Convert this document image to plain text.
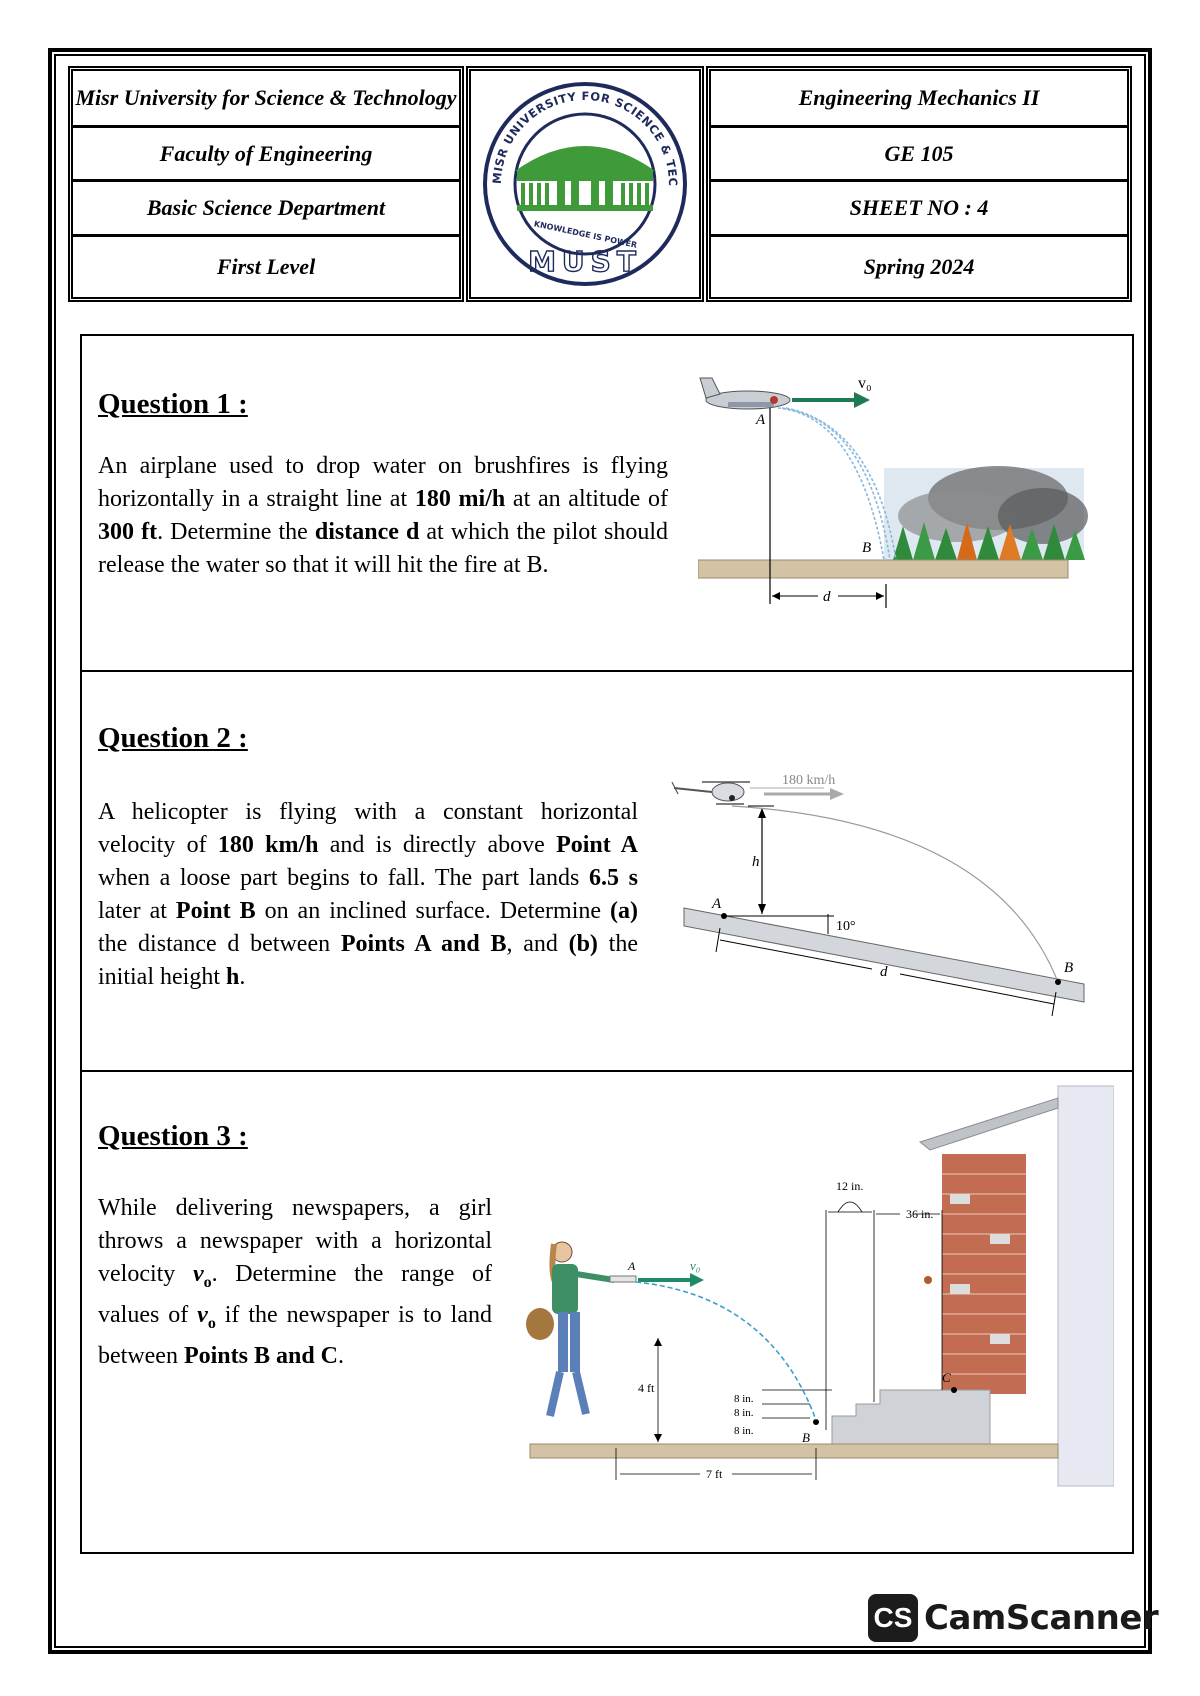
Misr University for Science & Technology
Faculty of Engineering
Basic Science Department
First Level
MISR UNIVERSITY FOR SCIENCE & TEC
KNOWLEDGE IS POWER
MUST
Engineering Mechanics II
GE 105
SHEET NO : 4
Spring 2024
Question 1 :
An airplane used to drop water on brushfires is flying horizontally in a straight line at 180 mi/h at an altitude of 300 ft. Determine the distance d at which the pilot should release the water so that it will hit the fire at B.
v₀
A
B
d
Question 2 :
A helicopter is flying with a constant horizontal velocity of 180 km/h and is directly above Point A when a loose part begins to fall. The part lands 6.5 s later at Point B on an inclined surface. Determine (a) the distance d between Points A and B, and (b) the initial height h.
180 km/h
h
A
10°
B
d
Question 3 :
While delivering newspapers, a girl throws a newspaper with a horizontal velocity $v_o$. Determine the range of values of $v_o$ if the newspaper is to land between Points B and C.
12 in.
36 in.
C
B
8 in.
8 in.
8 in.
4 ft
7 ft
v₀
A
CS CamScanner
